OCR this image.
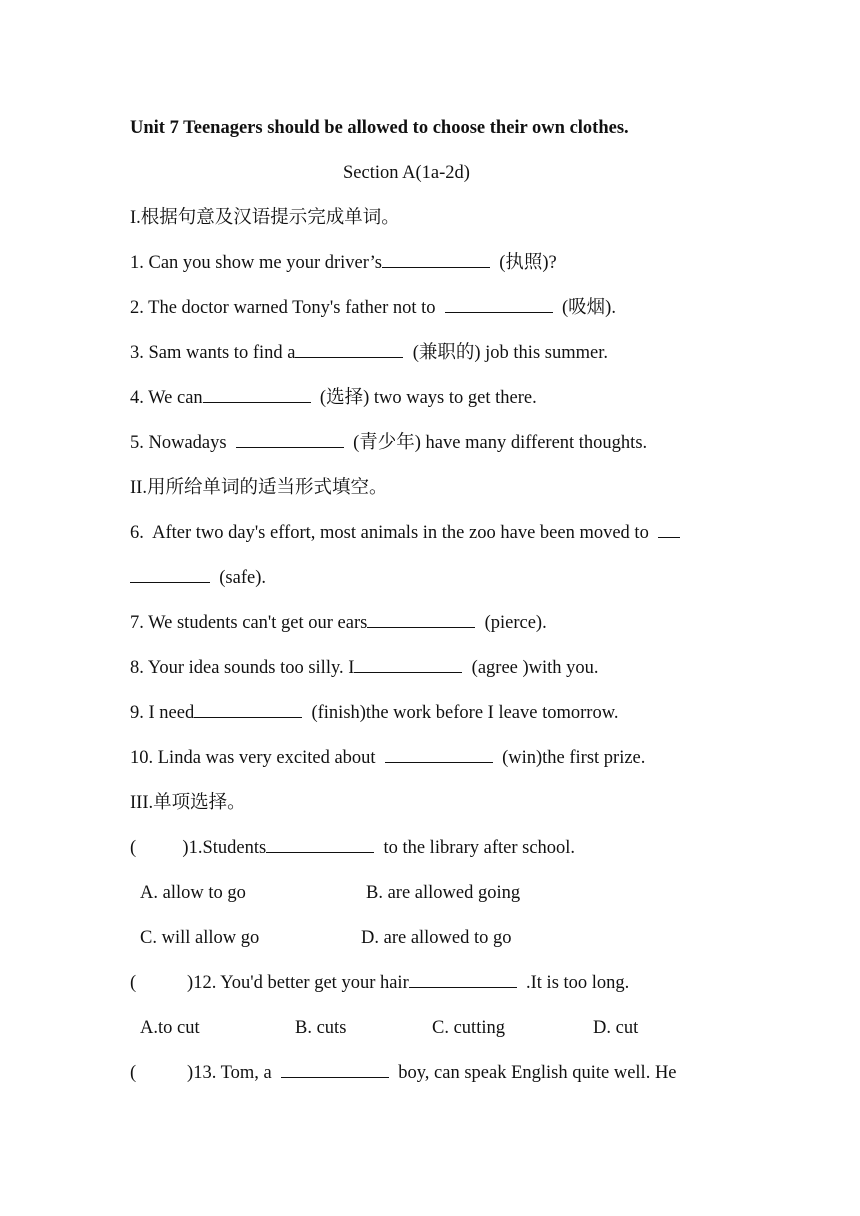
Unit 7 Teenagers should be allowed to choose their own clothes.
Section A(1a-2d)
I.根据句意及汉语提示完成单词。
1. Can you show me your driver’s	(执照)?
2. The doctor warned Tony's father not to	(吸烟).
3. Sam wants to find a	(兼职的) job this summer.
4. We can	(选择) two ways to get there.
5. Nowadays	(青少年) have many different thoughts.
II.用所给单词的适当形式填空。
6.  After two day's effort, most animals in the zoo have been moved to
(safe).
7. We students can't get our ears	(pierce).
8. Your idea sounds too silly. I	(agree )with you.
9. I need	(finish)the work before I leave tomorrow.
10. Linda was very excited about	(win)the first prize.
III.单项选择。
(          )1.Students	to the library after school.
A. allow to go	B. are allowed going
C. will allow go	D. are allowed to go
(           )12. You'd better get your hair	.It is too long.
A.to cut	B. cuts	C. cutting	D. cut
(           )13. Tom, a	boy, can speak English quite well. He
